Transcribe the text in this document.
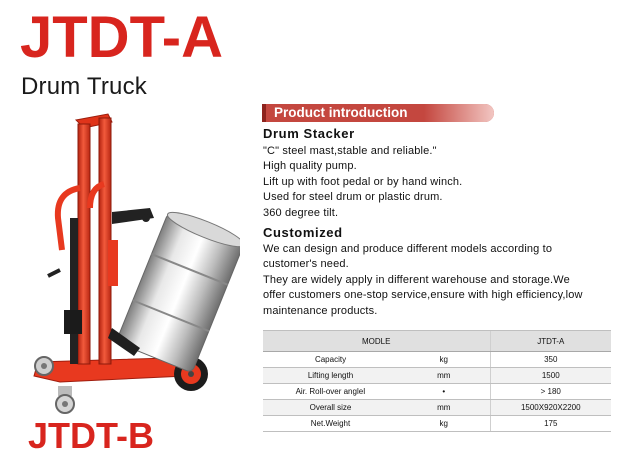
JTDT-A
Drum Truck
JTDT-B
Product introduction
Drum Stacker
"C" steel mast,stable and reliable."
High quality pump.
Lift up with foot pedal or by hand winch.
Used for steel drum or plastic drum.
360 degree tilt.
Customized
We can design and produce different models according to
customer's need.
They are widely apply in different warehouse and storage.We
offer customers one-stop service,ensure with high efficiency,low
maintenance products.
MODLE		JTDT-A
Capacity	kg	350
Lifting length	mm	1500
Air. Roll-over angleI	•	> 180
Overall size	mm	1500X920X2200
Net.Weight	kg	175
